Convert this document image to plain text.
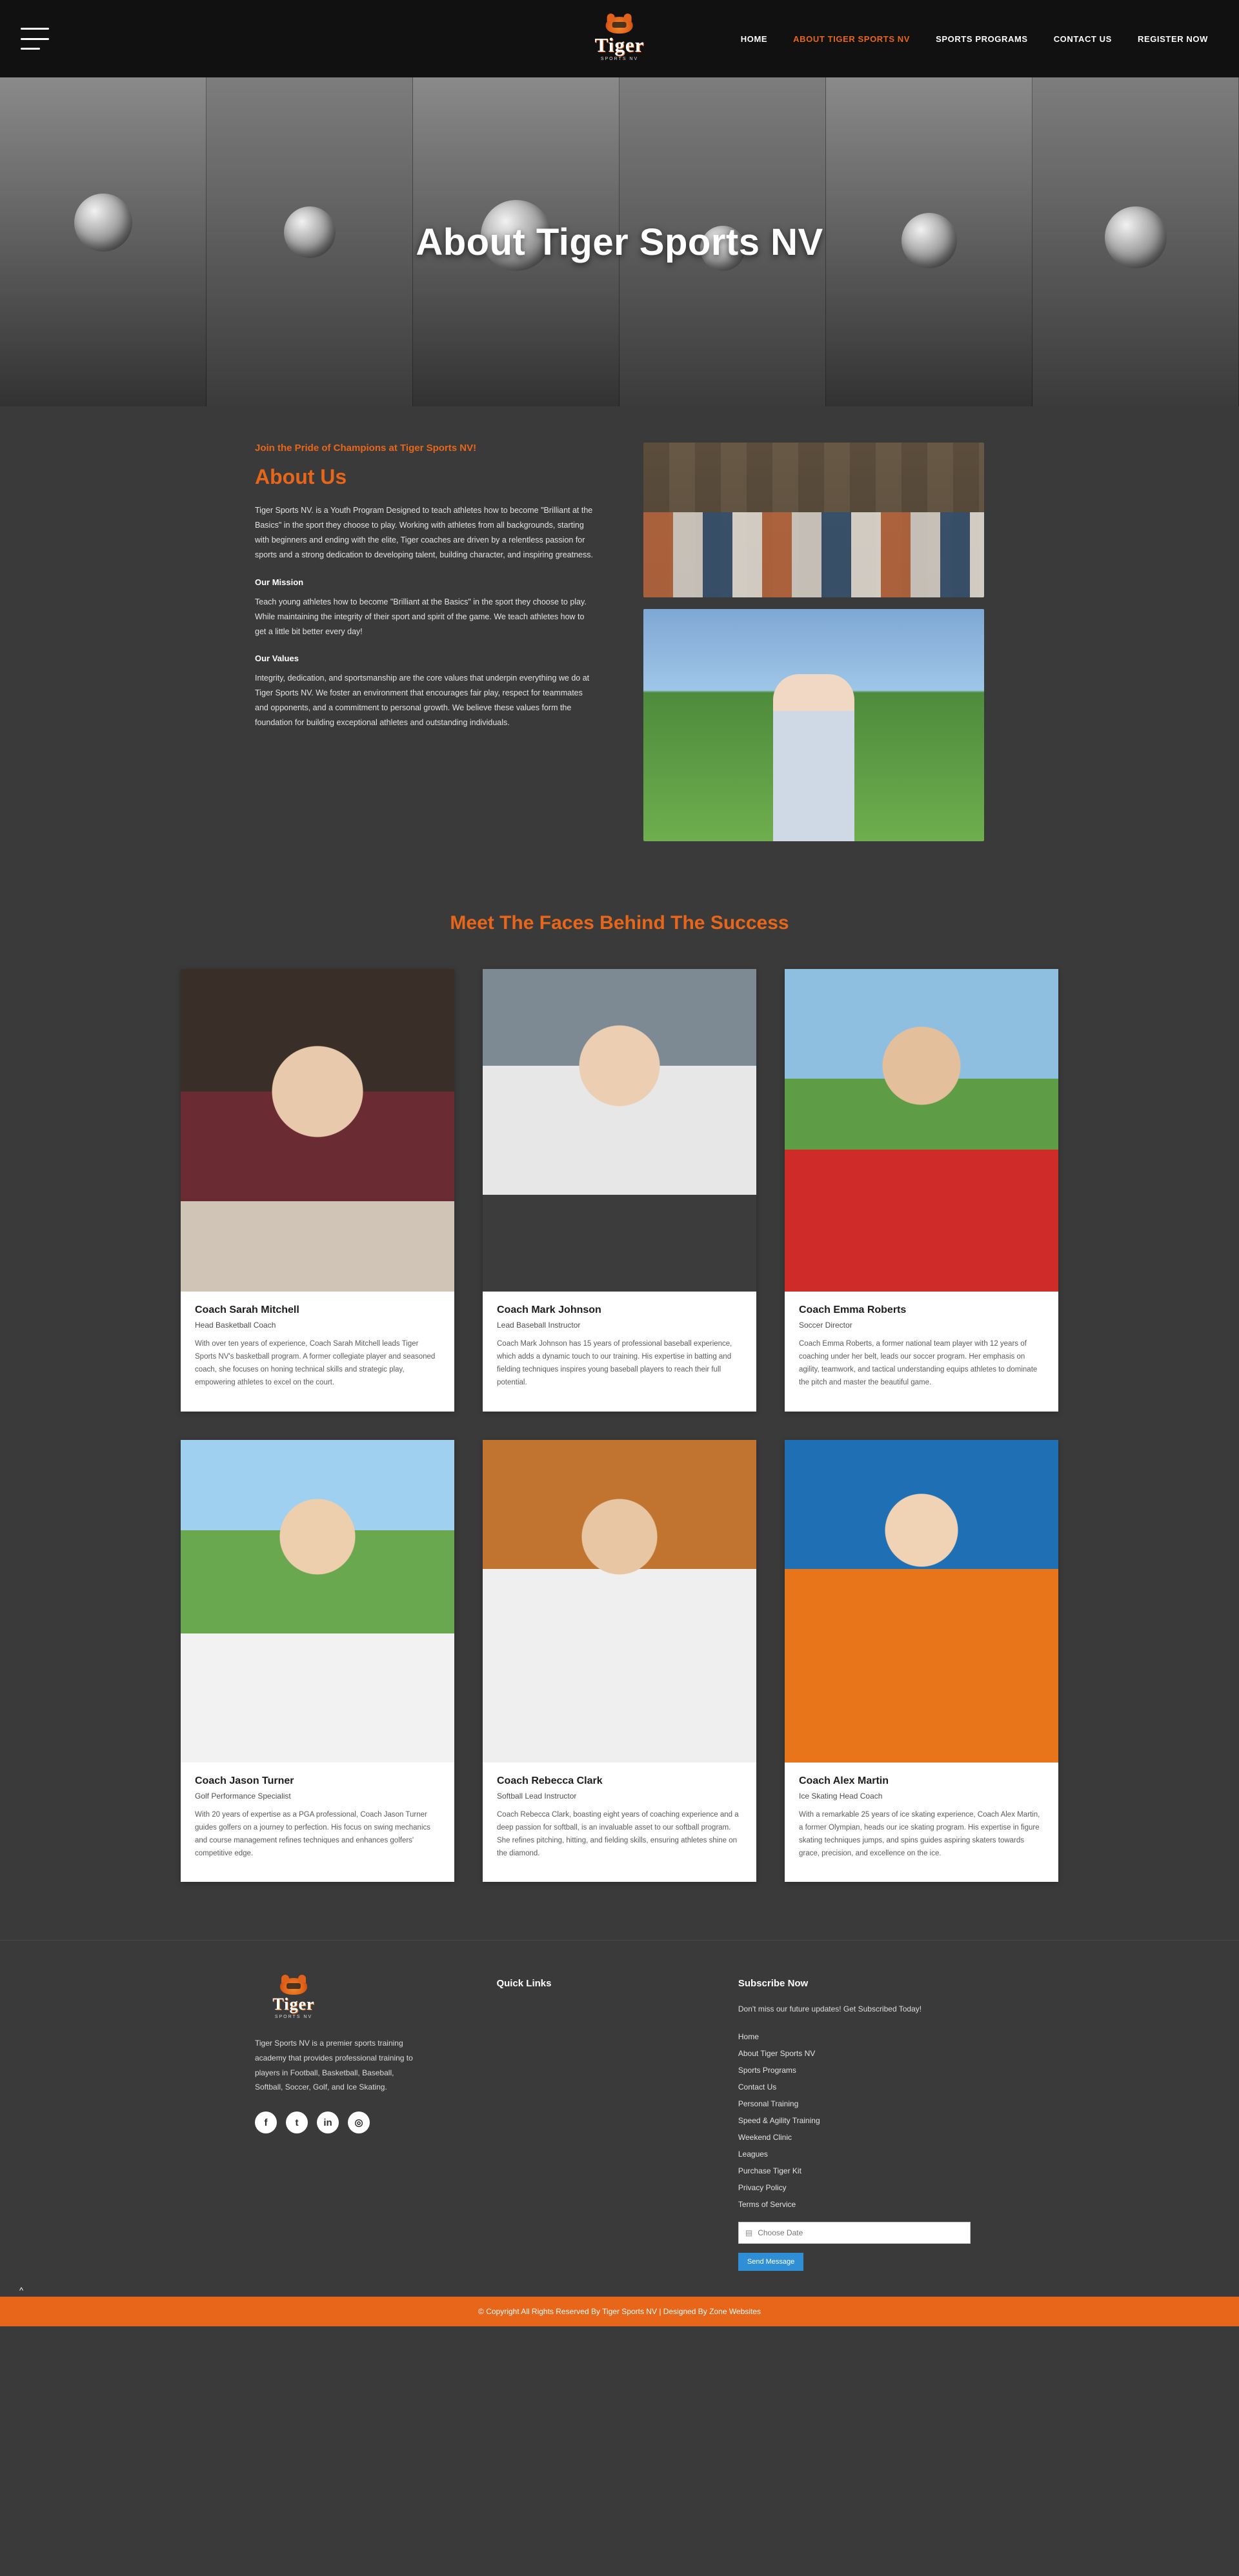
Tiger
SPORTS NV
HOME	ABOUT TIGER SPORTS NV	SPORTS PROGRAMS	CONTACT US	REGISTER NOW
About Tiger Sports NV
Join the Pride of Champions at Tiger Sports NV!
About Us

Tiger Sports NV. is a Youth Program Designed to teach athletes how to become "Brilliant at the Basics" in the sport they choose to play. Working with athletes from all backgrounds, starting with beginners and ending with the elite, Tiger coaches are driven by a relentless passion for sports and a strong dedication to developing talent, building character, and inspiring greatness.

Our Mission

Teach young athletes how to become "Brilliant at the Basics" in the sport they choose to play. While maintaining the integrity of their sport and spirit of the game. We teach athletes how to get a little bit better every day!

Our Values

Integrity, dedication, and sportsmanship are the core values that underpin everything we do at Tiger Sports NV. We foster an environment that encourages fair play, respect for teammates and opponents, and a commitment to personal growth. We believe these values form the foundation for building exceptional athletes and outstanding individuals.

Meet The Faces Behind The Success
Coach Sarah Mitchell
Head Basketball Coach
With over ten years of experience, Coach Sarah Mitchell leads Tiger Sports NV's basketball program. A former collegiate player and seasoned coach, she focuses on honing technical skills and strategic play, empowering athletes to excel on the court.
Coach Mark Johnson
Lead Baseball Instructor
Coach Mark Johnson has 15 years of professional baseball experience, which adds a dynamic touch to our training. His expertise in batting and fielding techniques inspires young baseball players to reach their full potential.
Coach Emma Roberts
Soccer Director
Coach Emma Roberts, a former national team player with 12 years of coaching under her belt, leads our soccer program. Her emphasis on agility, teamwork, and tactical understanding equips athletes to dominate the pitch and master the beautiful game.
Coach Jason Turner
Golf Performance Specialist
With 20 years of expertise as a PGA professional, Coach Jason Turner guides golfers on a journey to perfection. His focus on swing mechanics and course management refines techniques and enhances golfers' competitive edge.
Coach Rebecca Clark
Softball Lead Instructor
Coach Rebecca Clark, boasting eight years of coaching experience and a deep passion for softball, is an invaluable asset to our softball program. She refines pitching, hitting, and fielding skills, ensuring athletes shine on the diamond.
Coach Alex Martin
Ice Skating Head Coach
With a remarkable 25 years of ice skating experience, Coach Alex Martin, a former Olympian, heads our ice skating program. His expertise in figure skating techniques jumps, and spins guides aspiring skaters towards grace, precision, and excellence on the ice.
Tiger
SPORTS NV
Tiger Sports NV is a premier sports training academy that provides professional training to players in Football, Basketball, Baseball, Softball, Soccer, Golf, and Ice Skating.
f	t	in	◎
Quick Links	Subscribe Now
Don't miss our future updates! Get Subscribed Today!
Home
About Tiger Sports NV
Sports Programs
Contact Us
Personal Training
Speed & Agility Training
Weekend Clinic
Leagues
Purchase Tiger Kit
Privacy Policy
Terms of Service
▤
Choose Date
Send Message
^
© Copyright All Rights Reserved By Tiger Sports NV | Designed By Zone Websites
